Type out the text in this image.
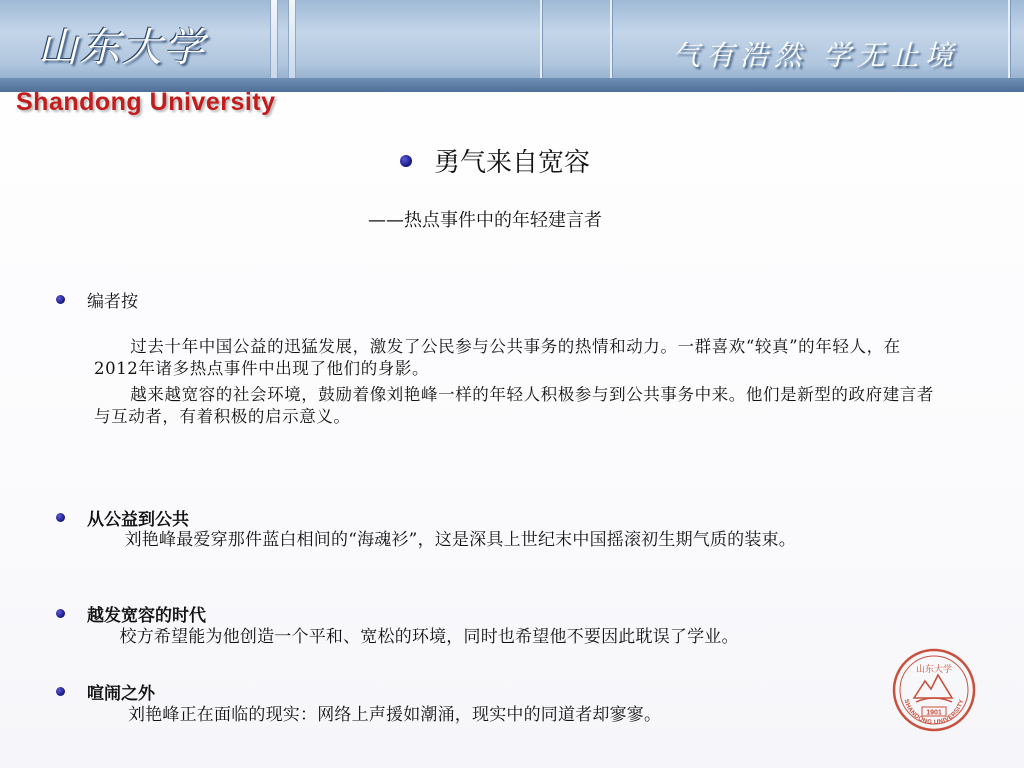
山东大学	气有浩然 学无止境
Shandong University
勇气来自宽容
——热点事件中的年轻建言者
编者按
过去十年中国公益的迅猛发展，激发了公民参与公共事务的热情和动力。一群喜欢“较真”的年轻人，在2012年诸多热点事件中出现了他们的身影。
越来越宽容的社会环境，鼓励着像刘艳峰一样的年轻人积极参与到公共事务中来。他们是新型的政府建言者与互动者，有着积极的启示意义。
从公益到公共
刘艳峰最爱穿那件蓝白相间的“海魂衫”，这是深具上世纪末中国摇滚初生期气质的装束。
越发宽容的时代
校方希望能为他创造一个平和、宽松的环境，同时也希望他不要因此耽误了学业。
喧闹之外
刘艳峰正在面临的现实：网络上声援如潮涌，现实中的同道者却寥寥。
山东大学
SHANDONG UNIVERSITY
1901
